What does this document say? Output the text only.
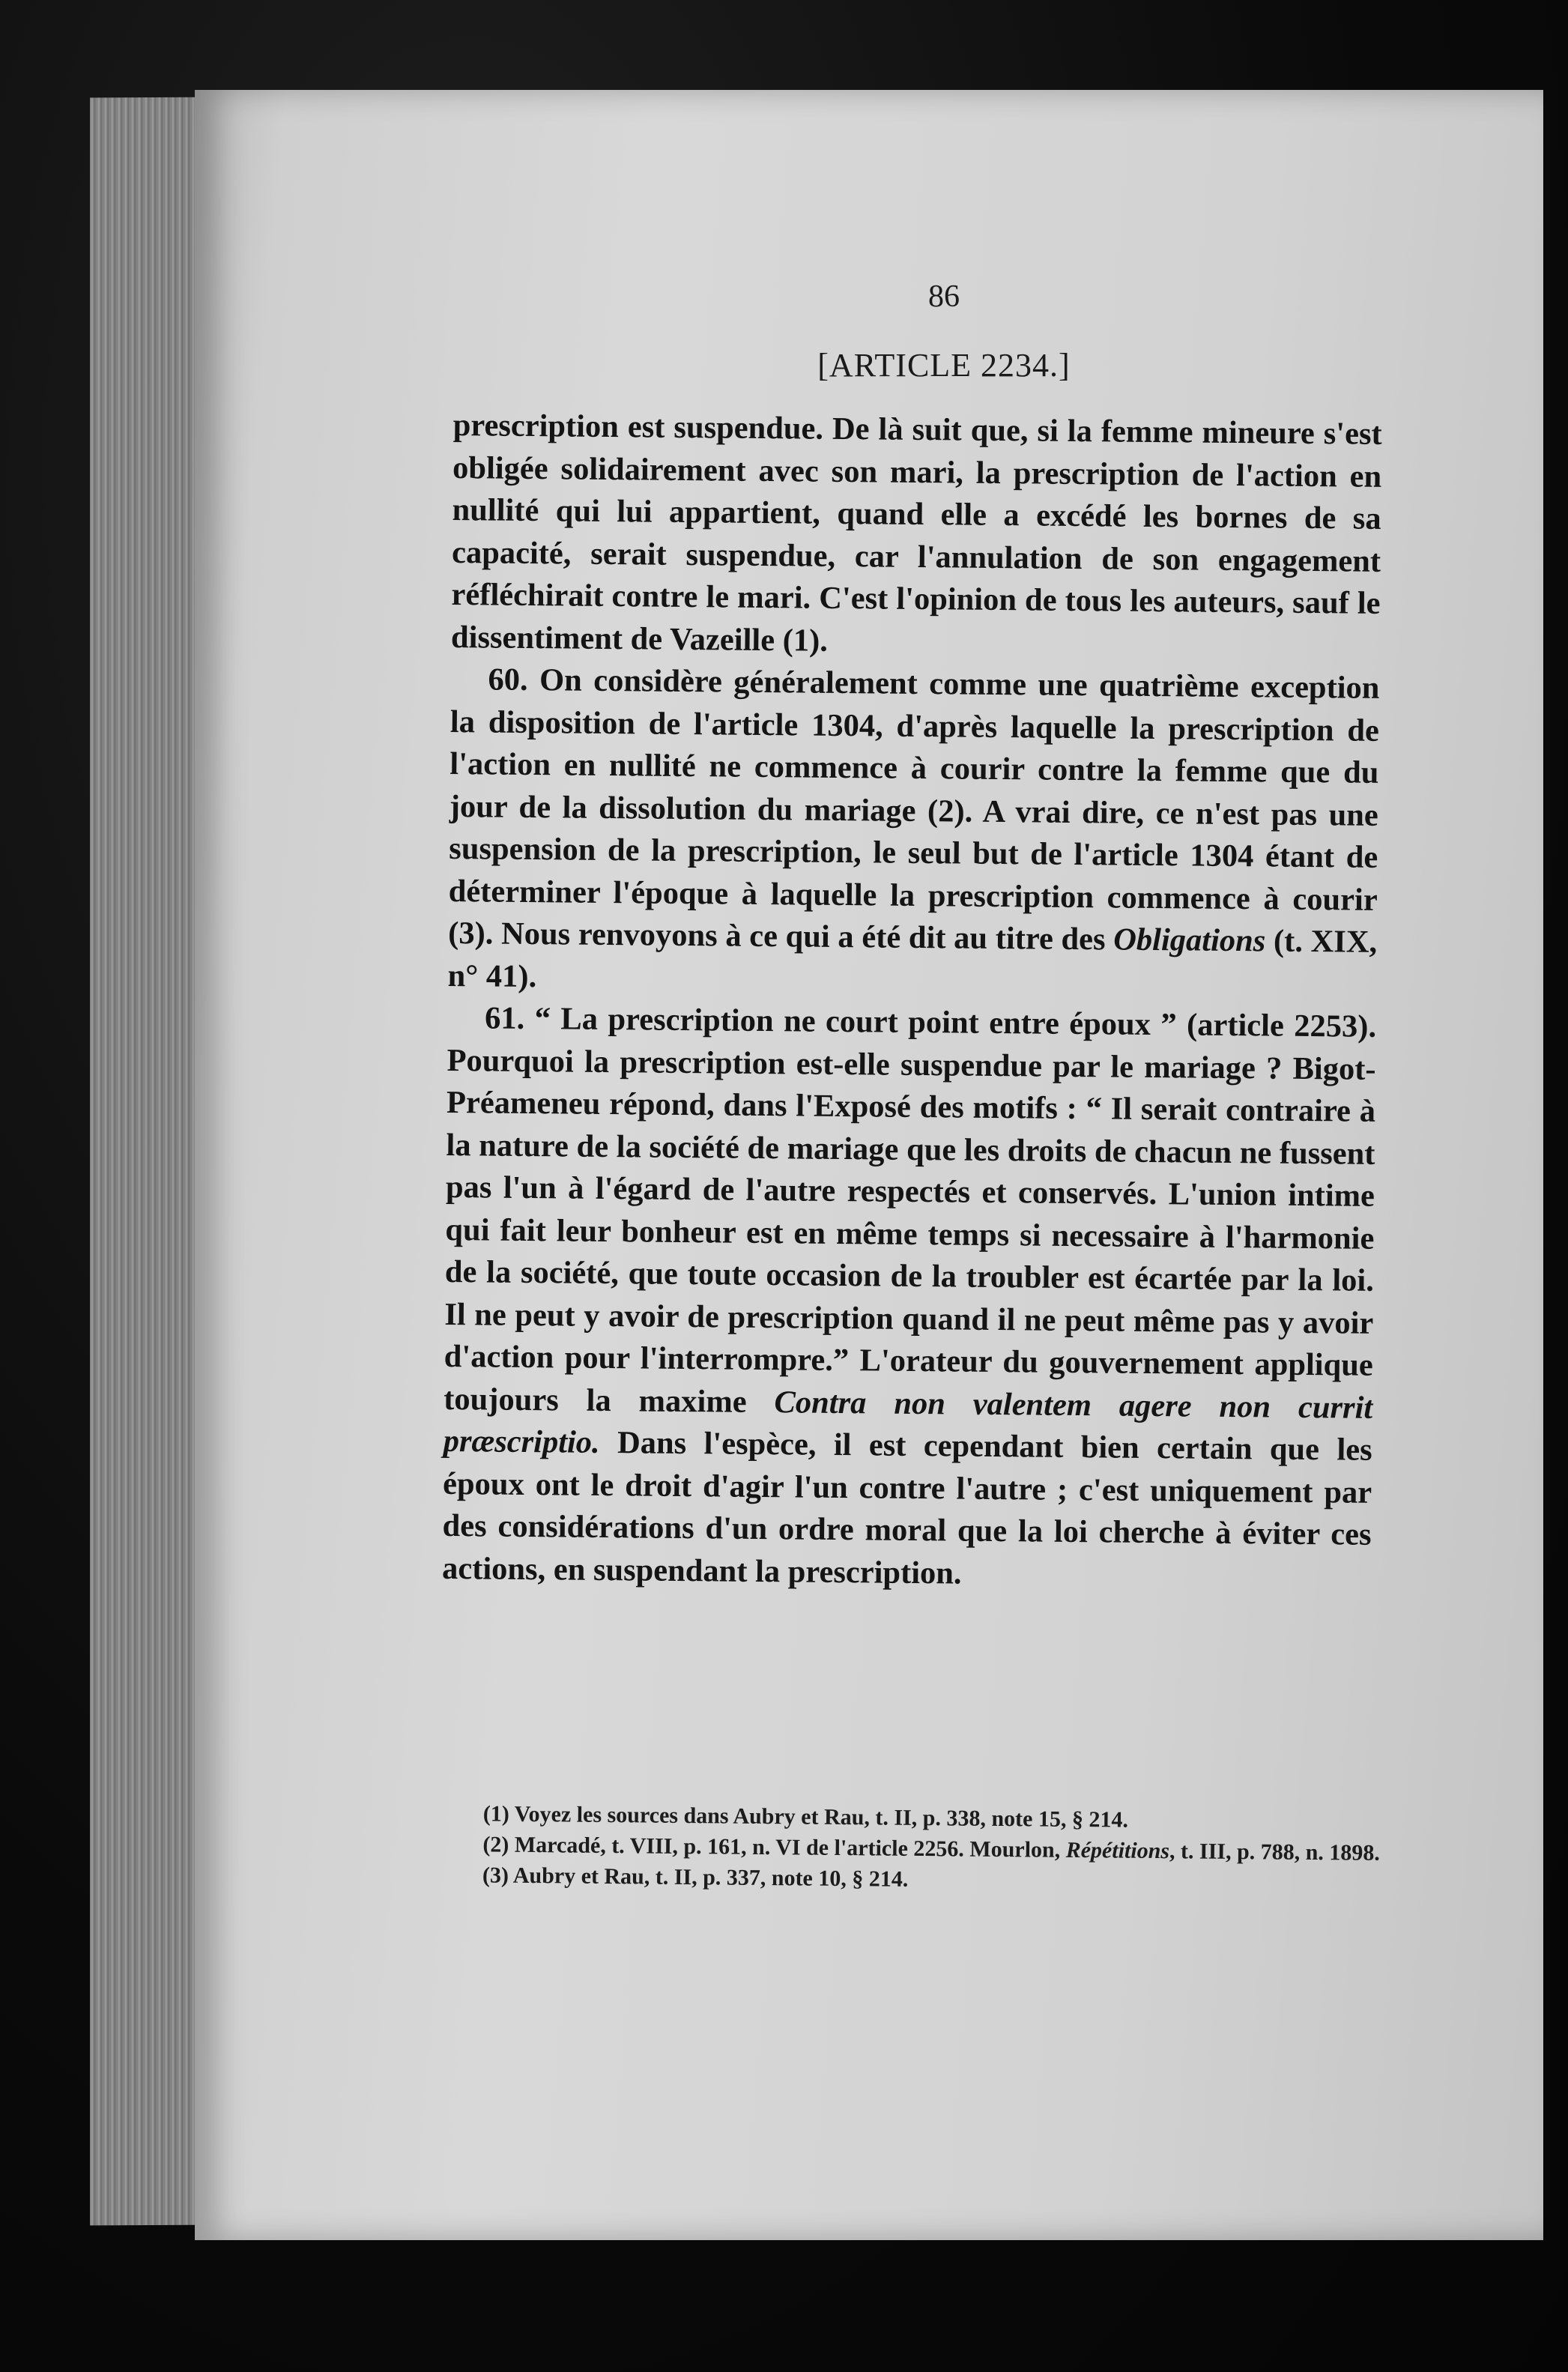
86
[ARTICLE 2234.]

prescription est suspendue. De là suit que, si la femme mineure s'est obligée solidairement avec son mari, la prescription de l'action en nullité qui lui appartient, quand elle a excédé les bornes de sa capacité, serait suspendue, car l'annulation de son engagement réfléchirait contre le mari. C'est l'opinion de tous les auteurs, sauf le dissentiment de Vazeille (1).

60. On considère généralement comme une quatrième exception la disposition de l'article 1304, d'après laquelle la prescription de l'action en nullité ne commence à courir contre la femme que du jour de la dissolution du mariage (2). A vrai dire, ce n'est pas une suspension de la prescription, le seul but de l'article 1304 étant de déterminer l'époque à laquelle la prescription commence à courir (3). Nous renvoyons à ce qui a été dit au titre des Obligations (t. XIX, n° 41).

61. “ La prescription ne court point entre époux ” (article 2253). Pourquoi la prescription est-elle suspendue par le mariage ? Bigot-Préameneu répond, dans l'Exposé des motifs : “ Il serait contraire à la nature de la société de mariage que les droits de chacun ne fussent pas l'un à l'égard de l'autre respectés et conservés. L'union intime qui fait leur bonheur est en même temps si necessaire à l'harmonie de la société, que toute occasion de la troubler est écartée par la loi. Il ne peut y avoir de prescription quand il ne peut même pas y avoir d'action pour l'interrompre.” L'orateur du gouvernement applique toujours la maxime Contra non valentem agere non currit præscriptio. Dans l'espèce, il est cependant bien certain que les époux ont le droit d'agir l'un contre l'autre ; c'est uniquement par des considérations d'un ordre moral que la loi cherche à éviter ces actions, en suspendant la prescription.

(1) Voyez les sources dans Aubry et Rau, t. II, p. 338, note 15, § 214.

(2) Marcadé, t. VIII, p. 161, n. VI de l'article 2256. Mourlon, Répétitions, t. III, p. 788, n. 1898.

(3) Aubry et Rau, t. II, p. 337, note 10, § 214.
